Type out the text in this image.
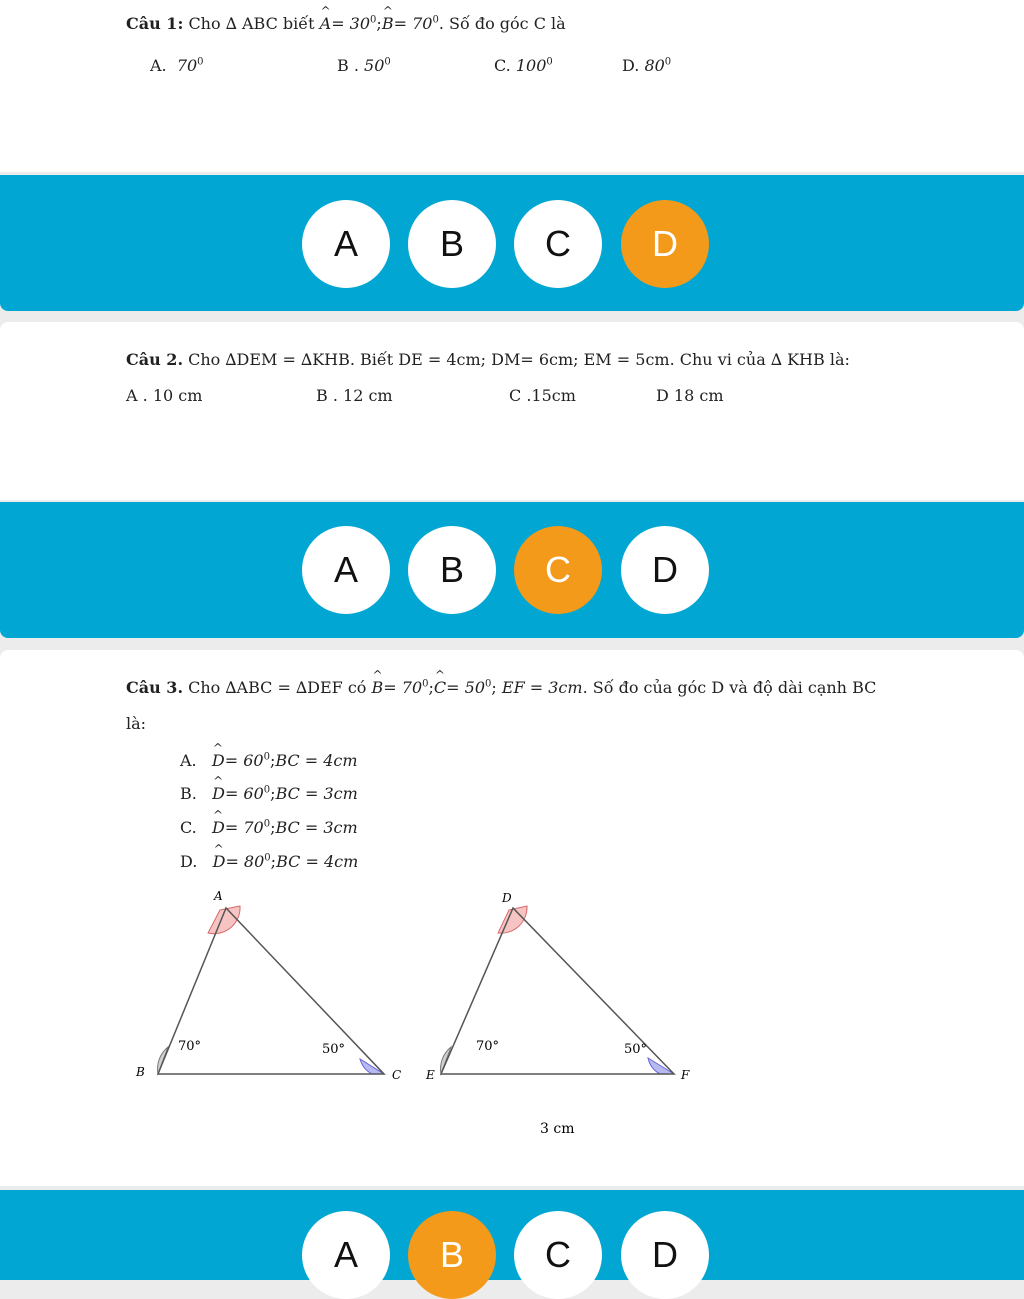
Câu 1: Cho ∆ ABC biết ^ $A= 30^0;\^{}$ $B= 70^0$. Số đo góc C là
A. $70^0$	B . $50^0$	C. $100^0$	D. $80^0$
A	B	C	D
Câu 2. Cho ∆DEM = ∆KHB. Biết DE = 4cm; DM= 6cm; EM = 5cm. Chu vi của ∆ KHB là:
A . 10 cm	B . 12 cm	C .15cm	D 18 cm
A	B	C	D
Câu 3. Cho ∆ABC = ∆DEF có ^ $B= 70^0;\^{}$ $C= 50^0$; EF = 3cm. Số đo của góc D và độ dài cạnh BC
là:
A. ^ $D= 60^0;BC = 4cm$
B. ^ $D= 60^0;BC = 3cm$
C. ^ $D= 70^0;BC = 3cm$
D. ^ $D= 80^0;BC = 4cm$
A
B	C
70°	50°
D
E	F
70°	50°
3 cm
A	B	C	D
